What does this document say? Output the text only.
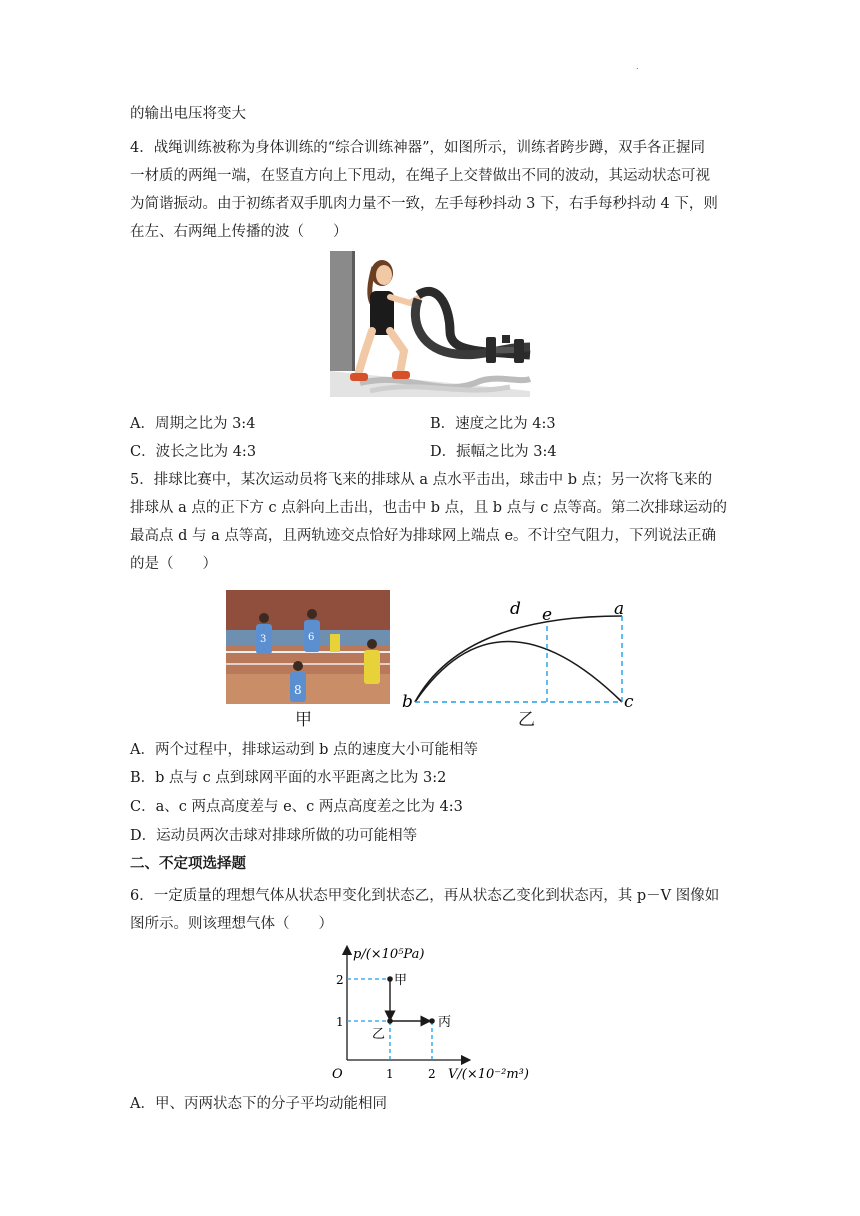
.
的输出电压将变大
4．战绳训练被称为身体训练的“综合训练神器”，如图所示，训练者跨步蹲，双手各正握同
一材质的两绳一端，在竖直方向上下甩动，在绳子上交替做出不同的波动，其运动状态可视
为简谐振动。由于初练者双手肌肉力量不一致，左手每秒抖动 3 下，右手每秒抖动 4 下，则
在左、右两绳上传播的波（　　）
A．周期之比为 3:4	B．速度之比为 4:3
C．波长之比为 4:3	D．振幅之比为 3:4
5．排球比赛中，某次运动员将飞来的排球从 a 点水平击出，球击中 b 点；另一次将飞来的
排球从 a 点的正下方 c 点斜向上击出，也击中 b 点，且 b 点与 c 点等高。第二次排球运动的
最高点 d 与 a 点等高，且两轨迹交点恰好为排球网上端点 e。不计空气阻力，下列说法正确
的是（　　）
3	6
8
甲
d e	a
b	c
乙
A．两个过程中，排球运动到 b 点的速度大小可能相等
B．b 点与 c 点到球网平面的水平距离之比为 3:2
C．a、c 两点高度差与 e、c 两点高度差之比为 4:3
D．运动员两次击球对排球所做的功可能相等
二、不定项选择题
6．一定质量的理想气体从状态甲变化到状态乙，再从状态乙变化到状态丙，其 p－V 图像如
图所示。则该理想气体（　　）
p/(×10⁵Pa)
V/(×10⁻²m³)
O
1
2
1	2
甲
乙
丙
A．甲、丙两状态下的分子平均动能相同
